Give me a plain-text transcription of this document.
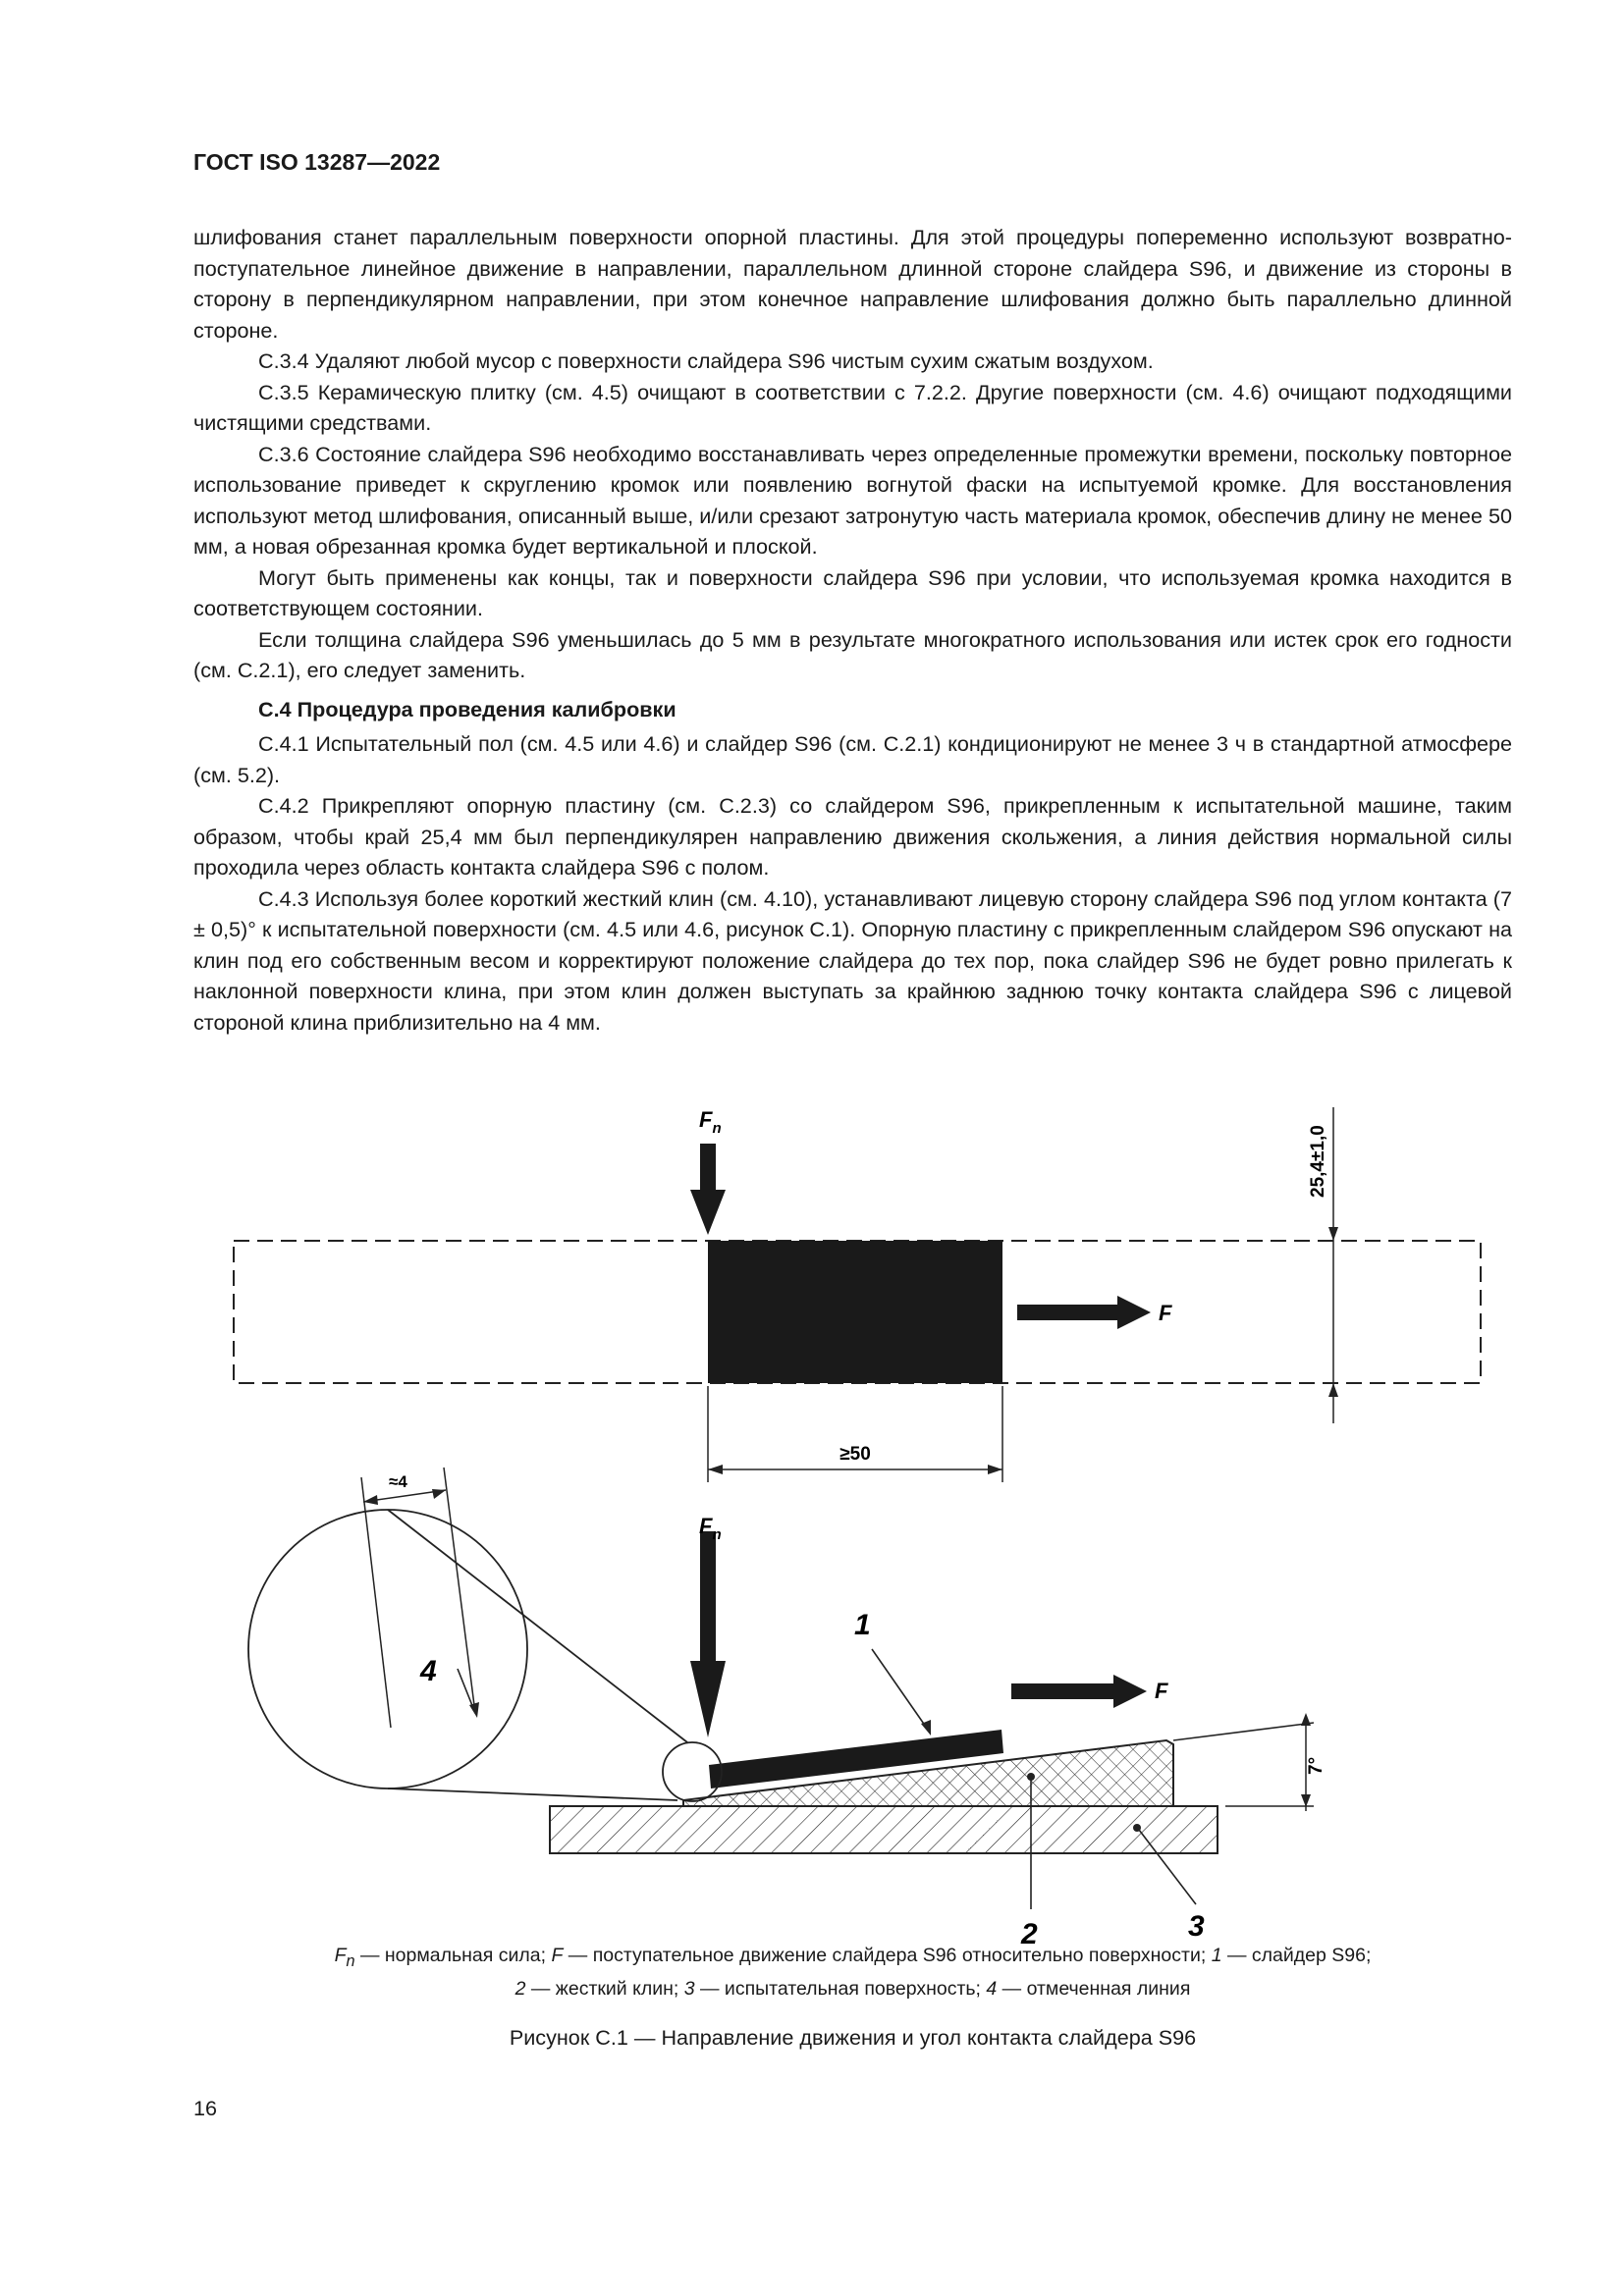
ГОСТ ISO 13287—2022

шлифования станет параллельным поверхности опорной пластины. Для этой процедуры попеременно используют возвратно-поступательное линейное движение в направлении, параллельном длинной стороне слайдера S96, и движение из стороны в сторону в перпендикулярном направлении, при этом конечное направление шлифования должно быть параллельно длинной стороне.

С.3.4 Удаляют любой мусор с поверхности слайдера S96 чистым сухим сжатым воздухом.

С.3.5 Керамическую плитку (см. 4.5) очищают в соответствии с 7.2.2. Другие поверхности (см. 4.6) очищают подходящими чистящими средствами.

С.3.6 Состояние слайдера S96 необходимо восстанавливать через определенные промежутки времени, поскольку повторное использование приведет к скруглению кромок или появлению вогнутой фаски на испытуемой кромке. Для восстановления используют метод шлифования, описанный выше, и/или срезают затронутую часть материала кромок, обеспечив длину не менее 50 мм, а новая обрезанная кромка будет вертикальной и плоской.

Могут быть применены как концы, так и поверхности слайдера S96 при условии, что используемая кромка находится в соответствующем состоянии.

Если толщина слайдера S96 уменьшилась до 5 мм в результате многократного использования или истек срок его годности (см. С.2.1), его следует заменить.

С.4 Процедура проведения калибровки

С.4.1 Испытательный пол (см. 4.5 или 4.6) и слайдер S96 (см. С.2.1) кондиционируют не менее 3 ч в стандартной атмосфере (см. 5.2).

С.4.2 Прикрепляют опорную пластину (см. С.2.3) со слайдером S96, прикрепленным к испытательной машине, таким образом, чтобы край 25,4 мм был перпендикулярен направлению движения скольжения, а линия действия нормальной силы проходила через область контакта слайдера S96 с полом.

С.4.3 Используя более короткий жесткий клин (см. 4.10), устанавливают лицевую сторону слайдера S96 под углом контакта (7 ± 0,5)° к испытательной поверхности (см. 4.5 или 4.6, рисунок С.1). Опорную пластину с прикрепленным слайдером S96 опускают на клин под его собственным весом и корректируют положение слайдера до тех пор, пока слайдер S96 не будет ровно прилегать к наклонной поверхности клина, при этом клин должен выступать за крайнюю заднюю точку контакта слайдера S96 с лицевой стороной клина приблизительно на 4 мм.

$F_n$
F
25,4±1,0
≥50
7°
$F_n$
F
≈4
4
1
2	3
$F_n$ — нормальная сила; F — поступательное движение слайдера S96 относительно поверхности; 1 — слайдер S96;
2 — жесткий клин; 3 — испытательная поверхность; 4 — отмеченная линия
Рисунок С.1 — Направление движения и угол контакта слайдера S96
16
